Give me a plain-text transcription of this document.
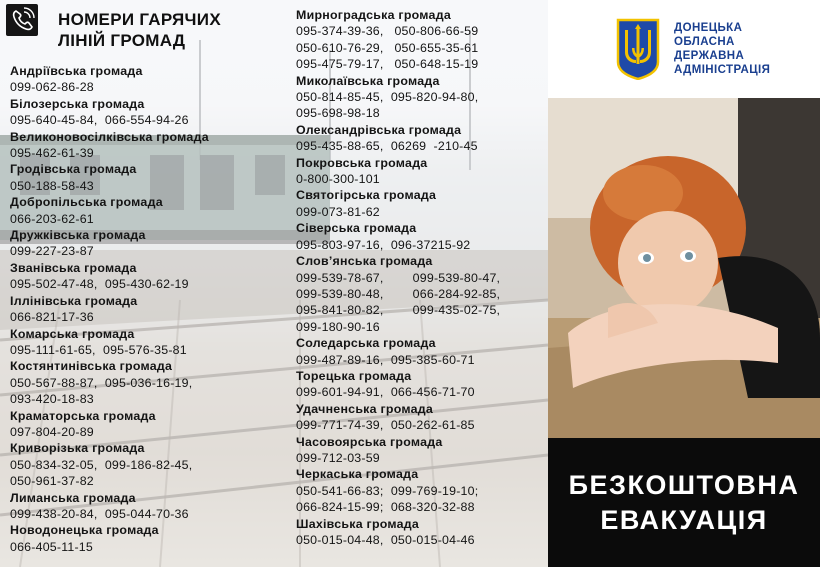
НОМЕРИ ГАРЯЧИХ
ЛІНІЙ ГРОМАД
Андріївська громада
099-062-86-28
Білозерська громада
095-640-45-84,  066-554-94-26
Великоновосілківська громада
095-462-61-39
Гродівська громада
050-188-58-43
Добропільська громада
066-203-62-61
Дружківська громада
099-227-23-87
Званівська громада
095-502-47-48,  095-430-62-19
Іллінівська громада
066-821-17-36
Комарська громада
095-111-61-65,  095-576-35-81
Костянтинівська громада
050-567-88-87,  095-036-16-19,
093-420-18-83
Краматорська громада
097-804-20-89
Криворізька громада
050-834-32-05,  099-186-82-45,
050-961-37-82
Лиманська громада
099-438-20-84,  095-044-70-36
Новодонецька громада
066-405-11-15
Мирноградська громада
095-374-39-36,   050-806-66-59
050-610-76-29,   050-655-35-61
095-475-79-17,   050-648-15-19
Миколаївська громада
050-814-85-45,  095-820-94-80,
095-698-98-18
Олександрівська громада
095-435-88-65,  06269  -210-45
Покровська громада
0-800-300-101
Святогірська громада
099-073-81-62
Сіверська громада
095-803-97-16,  096-37215-92
Слов’янська громада
099-539-78-67,        099-539-80-47,
099-539-80-48,        066-284-92-85,
095-841-80-82,        099-435-02-75,
099-180-90-16
Соледарська громада
099-487-89-16,  095-385-60-71
Торецька громада
099-601-94-91,  066-456-71-70
Удачненська громада
099-771-74-39,  050-262-61-85
Часовоярська громада
099-712-03-59
Черкаська громада
050-541-66-83;  099-769-19-10;
066-824-15-99;  068-320-32-88
Шахівська громада
050-015-04-48,  050-015-04-46
ДОНЕЦЬКА
ОБЛАСНА
ДЕРЖАВНА
АДМІНІСТРАЦІЯ
БЕЗКОШТОВНА
ЕВАКУАЦІЯ
